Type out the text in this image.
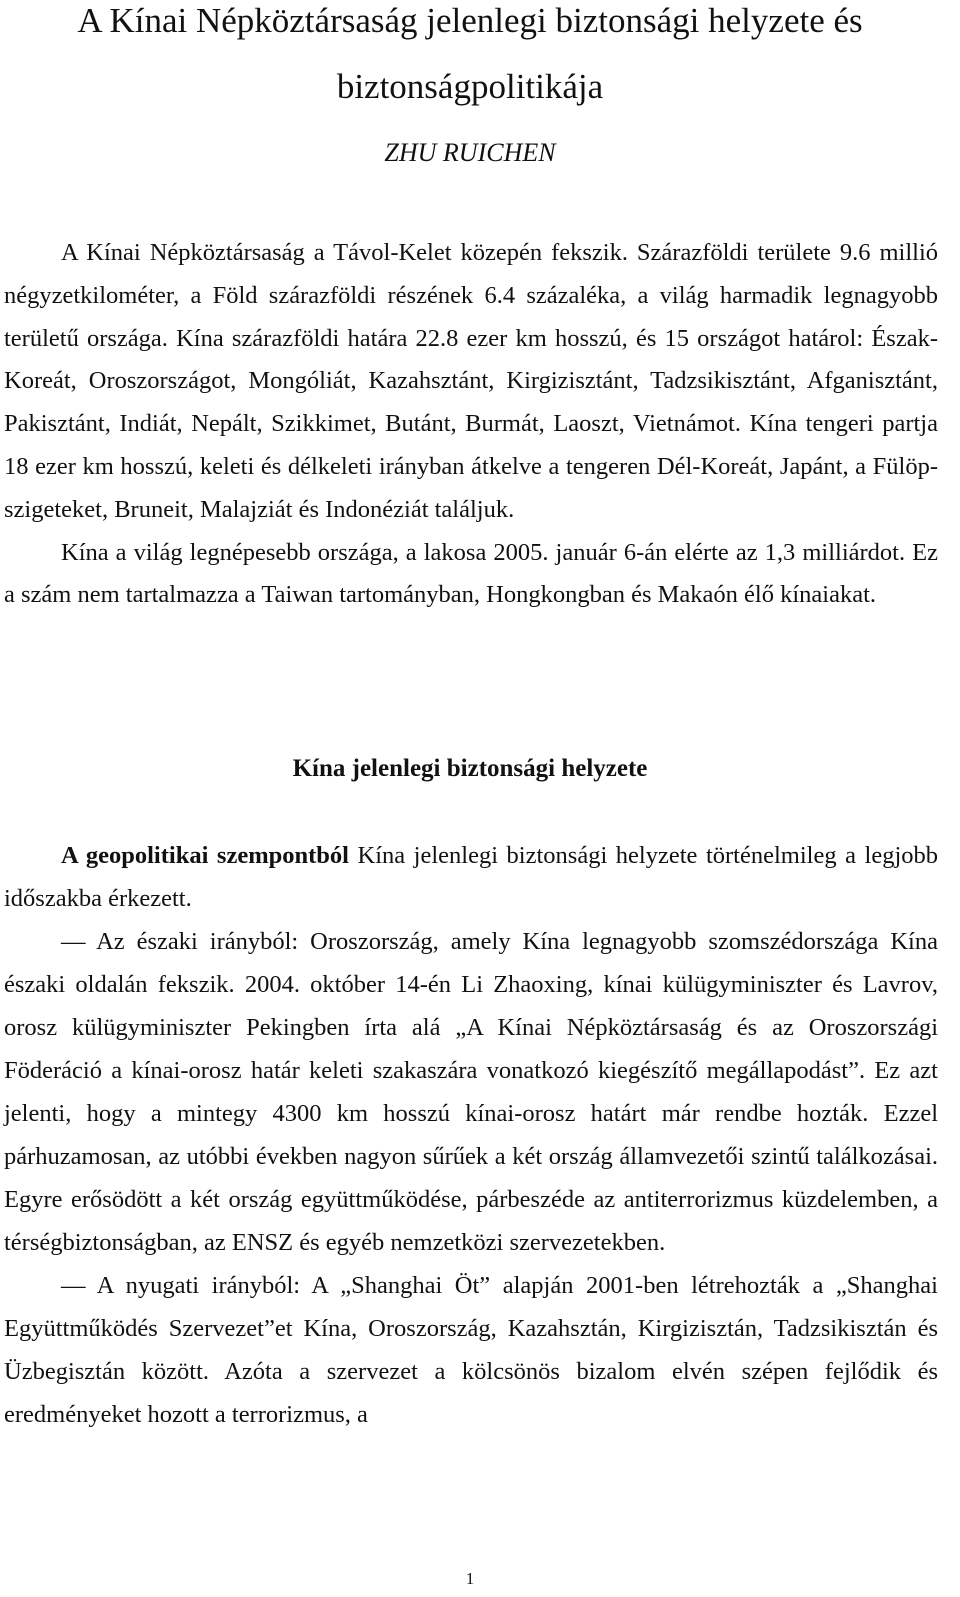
A Kínai Népköztársaság jelenlegi biztonsági helyzete és biztonságpolitikája
ZHU RUICHEN

A Kínai Népköztársaság a Távol-Kelet közepén fekszik. Szárazföldi területe 9.6 millió négyzetkilométer, a Föld szárazföldi részének 6.4 százaléka, a világ harmadik legnagyobb területű országa. Kína szárazföldi határa 22.8 ezer km hosszú, és 15 országot határol: Észak-Koreát, Oroszországot, Mongóliát, Kazahsztánt, Kirgizisztánt, Tadzsikisztánt, Afganisztánt, Pakisztánt, Indiát, Nepált, Szikkimet, Butánt, Burmát, Laoszt, Vietnámot. Kína tengeri partja 18 ezer km hosszú, keleti és délkeleti irányban átkelve a tengeren Dél-Koreát, Japánt, a Fülöp-szigeteket, Bruneit, Malajziát és Indonéziát találjuk.

Kína a világ legnépesebb országa, a lakosa 2005. január 6-án elérte az 1,3 milliárdot. Ez a szám nem tartalmazza a Taiwan tartományban, Hongkongban és Makaón élő kínaiakat.

Kína jelenlegi biztonsági helyzete

A geopolitikai szempontból Kína jelenlegi biztonsági helyzete történelmileg a legjobb időszakba érkezett.

— Az északi irányból: Oroszország, amely Kína legnagyobb szomszédországa Kína északi oldalán fekszik. 2004. október 14-én Li Zhaoxing, kínai külügyminiszter és Lavrov, orosz külügyminiszter Pekingben írta alá „A Kínai Népköztársaság és az Oroszországi Föderáció a kínai-orosz határ keleti szakaszára vonatkozó kiegészítő megállapodást”. Ez azt jelenti, hogy a mintegy 4300 km hosszú kínai-orosz határt már rendbe hozták. Ezzel párhuzamosan, az utóbbi években nagyon sűrűek a két ország államvezetői szintű találkozásai. Egyre erősödött a két ország együttműködése, párbeszéde az antiterrorizmus küzdelemben, a térségbiztonságban, az ENSZ és egyéb nemzetközi szervezetekben.

— A nyugati irányból: A „Shanghai Öt” alapján 2001-ben létrehozták a „Shanghai Együttműködés Szervezet”et Kína, Oroszország, Kazahsztán, Kirgizisztán, Tadzsikisztán és Üzbegisztán között. Azóta a szervezet a kölcsönös bizalom elvén szépen fejlődik és eredményeket hozott a terrorizmus, a

1
